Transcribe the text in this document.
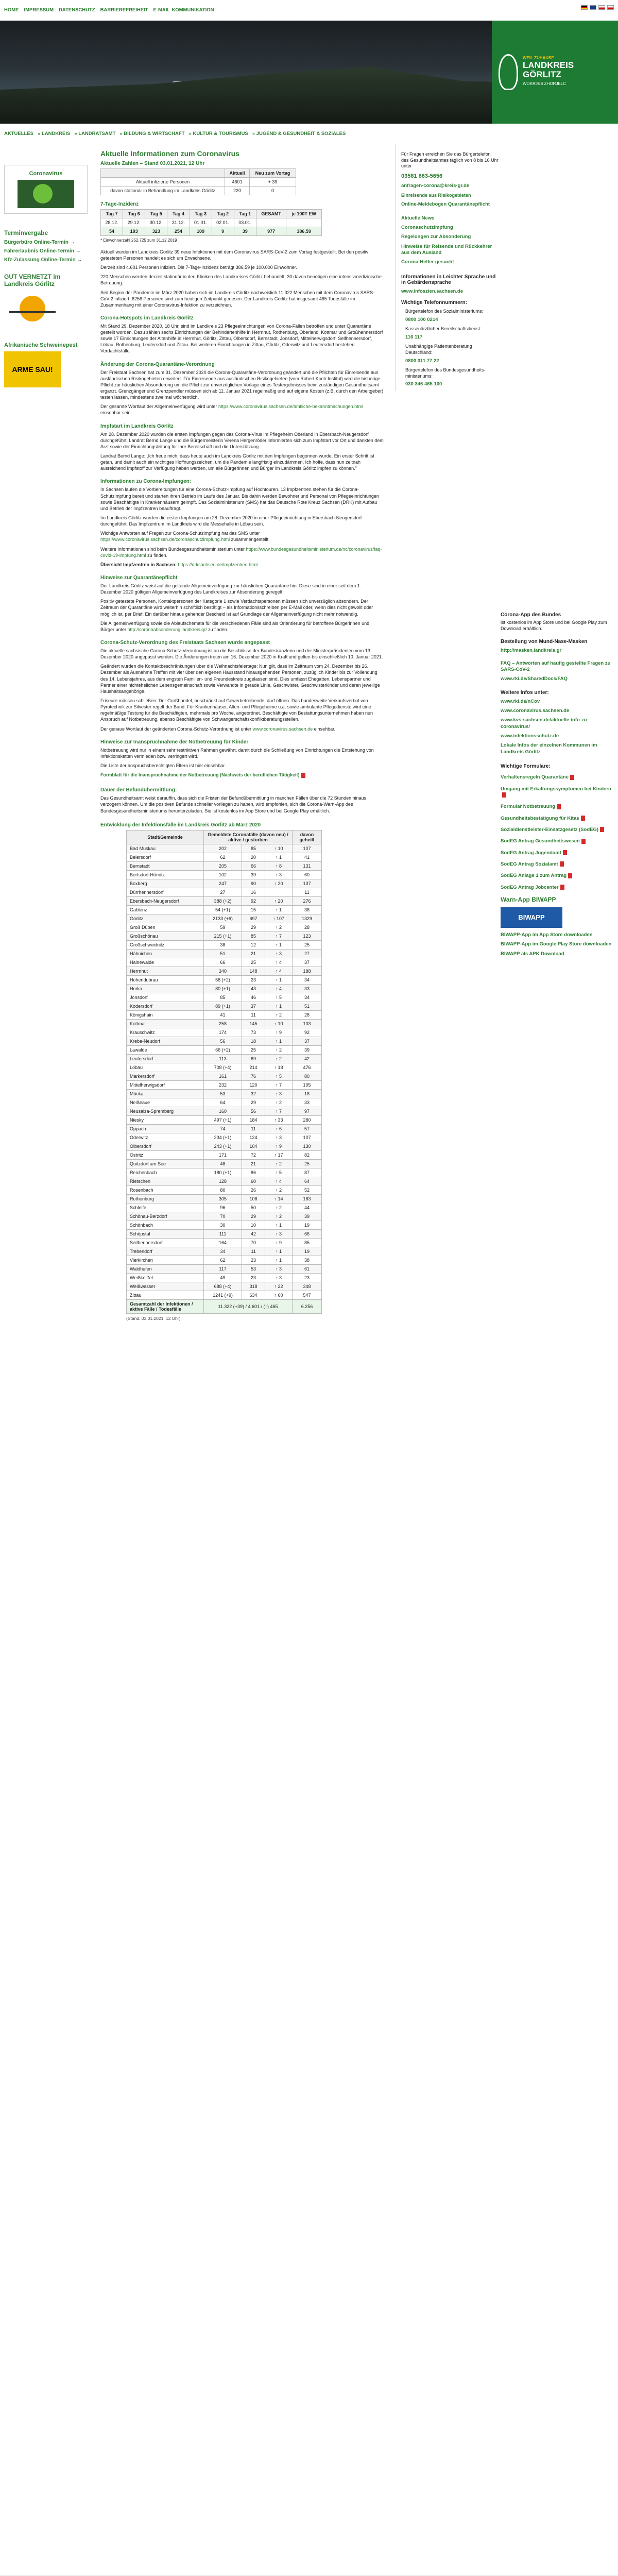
HOME IMPRESSUM DATENSCHUTZ BARRIEREFREIHEIT E-MAIL-KOMMUNIKATION
WEIL ZUHAUSE
LANDKREIS
GÖRLITZ
WOKRJES ZHORJELC
AKTUELLES » LANDKREIS » LANDRATSAMT » BILDUNG & WIRTSCHAFT » KULTUR & TOURISMUS » JUGEND & GESUNDHEIT & SOZIALES
Coronavirus
Terminvergabe
Bürgerbüro Online-Termin →
Fahrerlaubnis Online-Termin →
Kfz-Zulassung Online-Termin →
GUT VERNETZT im Landkreis Görlitz
Afrikanische Schweinepest
ARME SAU!
Aktuelle Informationen zum Coronavirus
Aktuelle Zahlen – Stand 03.01.2021, 12 Uhr
	Aktuell	Neu zum Vortag
Aktuell infizierte Personen	4601	+ 39
davon stationär in Behandlung im Landkreis Görlitz	220	0
7-Tage-Inzidenz
Tag 7	Tag 6	Tag 5	Tag 4	Tag 3	Tag 2	Tag 1	GESAMT	je 100T EW
28.12.	29.12.	30.12.	31.12.	01.01.	02.01.	03.01.		
54	193	323	254	109	9	39	977	386,59

* Einwohnerzahl 252.725 zum 31.12.2019

Aktuell wurden im Landkreis Görlitz 39 neue Infektionen mit dem Coronavirus SARS-CoV-2 zum Vortag festgestellt. Bei den positiv getesteten Personen handelt es sich um Erwachsene.

Derzeit sind 4.601 Personen infiziert. Die 7-Tage-Inzidenz beträgt 386,59 je 100.000 Einwohner.

220 Menschen werden derzeit stationär in den Kliniken des Landkreises Görlitz behandelt, 30 davon benötigen eine intensivmedizinische Betreuung.

Seit Beginn der Pandemie im März 2020 haben sich im Landkreis Görlitz nachweislich 11.322 Menschen mit dem Coronavirus SARS-CoV-2 infiziert. 6256 Personen sind zum heutigen Zeitpunkt genesen. Der Landkreis Görlitz hat insgesamt 465 Todesfälle im Zusammenhang mit einer Coronavirus-Infektion zu verzeichnen.

Corona-Hotspots im Landkreis Görlitz

Mit Stand 29. Dezember 2020, 18 Uhr, sind im Landkreis 23 Pflegeeinrichtungen von Corona-Fällen betroffen und unter Quarantäne gestellt worden. Dazu zählen sechs Einrichtungen der Behindertenhilfe in Herrnhut, Rothenburg, Oberland, Kottmar und Großhennersdorf sowie 17 Einrichtungen der Altenhilfe in Herrnhut, Görlitz, Zittau, Olbersdorf, Bernstadt, Jonsdorf, Mittelherwigsdorf, Seifhennersdorf, Löbau, Rothenburg, Leutersdorf und Zittau. Bei weiteren Einrichtungen in Zittau, Görlitz, Oderwitz und Leutersdorf bestehen Verdachtsfälle.

Änderung der Corona-Quarantäne-Verordnung

Der Freistaat Sachsen hat zum 31. Dezember 2020 die Corona-Quarantäne-Verordnung geändert und die Pflichten für Einreisende aus ausländischen Risikogebieten erweitert. Für Einreisende aus ausländischen Risikogebieten (vom Robert Koch-Institut) wird die bisherige Pflicht zur häuslichen Absonderung um die Pflicht zur unverzüglichen Vorlage eines Testergebnisses beim zuständigen Gesundheitsamt ergänzt. Grenzgänger und Grenzpendler müssen sich ab 11. Januar 2021 regelmäßig und auf eigene Kosten (z.B. durch den Arbeitgeber) testen lassen, mindestens zweimal wöchentlich.

Der gesamte Wortlaut der Allgemeinverfügung wird unter https://www.coronavirus.sachsen.de/amtliche-bekanntmachungen.html einsehbar sein.

Impfstart im Landkreis Görlitz

Am 28. Dezember 2020 wurden die ersten Impfungen gegen das Corona-Virus im Pflegeheim Oberland in Ebersbach-Neugersdorf durchgeführt. Landrat Bernd Lange und die Bürgermeisterin Verena Hergenröder informierten sich zum Impfstart vor Ort und dankten dem Arzt sowie der Einrichtungsleitung für Ihre Bereitschaft und die Unterstützung.

Landrat Bernd Lange: „Ich freue mich, dass heute auch im Landkreis Görlitz mit den Impfungen begonnen wurde. Ein erster Schritt ist getan, und damit auch ein wichtiges Hoffnungszeichen, um die Pandemie langfristig einzudämmen. Ich hoffe, dass nun zeitnah ausreichend Impfstoff zur Verfügung haben werden, um alle Bürgerinnen und Bürger im Landkreis Görlitz impfen zu können."

Informationen zu Corona-Impfungen:

In Sachsen laufen die Vorbereitungen für eine Corona-Schutz-Impfung auf Hochtouren. 13 Impfzentren stehen für die Corona-Schutzimpfung bereit und starten ihren Betrieb im Laufe des Januar. Bis dahin werden Bewohner und Personal von Pflegeeinrichtungen sowie Beschäftigte in Krankenhäusern geimpft. Das Sozialministerium (SMS) hat das Deutsche Rote Kreuz Sachsen (DRK) mit Aufbau und Betrieb der Impfzentren beauftragt.

Im Landkreis Görlitz wurden die ersten Impfungen am 28. Dezember 2020 in einer Pflegeeinrichtung in Ebersbach-Neugersdorf durchgeführt. Das Impfzentrum im Landkreis wird die Messehalle in Löbau sein.

Wichtige Antworten auf Fragen zur Corona-Schutzimpfung hat das SMS unter https://www.coronavirus.sachsen.de/coronaschutzimpfung.html zusammengestellt.

Weitere Informationen sind beim Bundesgesundheitsministerium unter https://www.bundesgesundheitsministerium.de/nc/coronavirus/faq-covid-19-impfung.html zu finden.

Übersicht Impfzentren in Sachsen: https://drksachsen.de/impfzentren.html

Hinweise zur Quarantänepflicht

Der Landkreis Görlitz weist auf die geltende Allgemeinverfügung zur häuslichen Quarantäne hin. Diese sind in einer seit dem 1. Dezember 2020 gültigen Allgemeinverfügung des Landkreises zur Absonderung geregelt.

Positiv getestete Personen, Kontaktpersonen der Kategorie 1 sowie Verdachtspersonen müssen sich unverzüglich absondern. Der Zeitraum der Quarantäne wird weiterhin schriftlich bestätigt – als Informationsschreiben per E-Mail oder, wenn dies nicht gewollt oder möglich ist, per Brief. Ein darüber hinaus gehender Bescheid ist auf Grundlage der Allgemeinverfügung nicht mehr notwendig.

Die Allgemeinverfügung sowie die Ablaufschemata für die verschiedenen Fälle sind als Orientierung für betroffene Bürgerinnen und Bürger unter http://coronaabsonderung.landkreis.gr/ zu finden.

Corona-Schutz-Verordnung des Freistaats Sachsen wurde angepasst

Die aktuelle sächsische Corona-Schutz-Verordnung ist an die Beschlüsse der Bundeskanzlerin und der Ministerpräsidenten vom 13. Dezember 2020 angepasst worden. Die Änderungen treten am 16. Dezember 2020 in Kraft und gelten bis einschließlich 10. Januar 2021.

Geändert wurden die Kontaktbeschränkungen über die Weihnachtsfeiertage: Nun gilt, dass im Zeitraum vom 24. Dezember bis 26. Dezember als Ausnahme Treffen mit vier über den eigenen Hausstand hinausgehenden Personen, zuzüglich Kinder bis zur Vollendung des 14. Lebensjahres, aus dem engsten Familien- und Freundeskreis zugelassen sind. Dies umfasst Ehegatten, Lebenspartner und Partner einer nichtehelichen Lebensgemeinschaft sowie Verwandte in gerade Linie, Geschwister, Geschwisterkinder und deren jeweilige Haushaltsangehörige.

Friseure müssen schließen. Der Großhandel, beschränkt auf Gewerbetreibende, darf öffnen. Das bundesweite Verkaufsverbot von Pyrotechnik zur Silvester regelt der Bund. Für Krankenhäuser, Alten- und Pflegeheime u.ä. sowie ambulante Pflegedienste wird eine regelmäßige Testung für die Beschäftigten, mehrmals pro Woche, angeordnet. Beschäftigte von Bestattungsunternehmen haben nun Anspruch auf Notbetreuung, ebenso Beschäftigte von Schwangerschaftskonfliktberatungsstellen.

Der genaue Wortlaut der geänderten Corona-Schutz-Verordnung ist unter www.coronavirus.sachsen.de einsehbar.

Hinweise zur Inanspruchnahme der Notbetreuung für Kinder

Notbetreuung wird nur in einem sehr restriktiven Rahmen gewährt, damit durch die Schließung von Einrichtungen die Entstehung von Infektionsketten vermieden bzw. verringert wird.

Die Liste der anspruchsberechtigten Eltern ist hier einsehbar.

Formblatt für die Inanspruchnahme der Notbetreuung (Nachweis der beruflichen Tätigkeit)

Dauer der Befundübermittlung:

Das Gesundheitsamt weist darauffin, dass sich die Fristen der Befundübermittlung in manchen Fällen über die 72 Stunden hinaus verzögern können. Um die positiven Befunde schneller vorliegen zu haben, wird empfohlen, sich die Corona-Warn-App des Bundesgesundheitsministeriums herunterzuladen. Sie ist kostenlos im App Store und bei Google Play erhältlich.

Entwicklung der Infektionsfälle im Landkreis Görlitz ab März 2020
Stadt/Gemeinde	Gemeldete Coronafälle (davon neu) / aktive / gestorben			davon geheilt
Bad Muskau	202	85	↑ 10	107
Beiersdorf	62	20	↑ 1	41
Bernstadt	205	66	↑ 8	131
Bertsdorf-Hörnitz	102	39	↑ 3	60
Boxberg	247	90	↑ 20	137
Dürrhennersdorf	27	16		11
Ebersbach-Neugersdorf	388 (+2)	92	↑ 20	276
Gablenz	54 (+1)	15	↑ 1	38
Görlitz	2133 (+6)	697	↑ 107	1329
Groß Düben	59	29	↑ 2	28
Großschönau	215 (+1)	85	↑ 7	123
Großschweidnitz	38	12	↑ 1	25
Hähnichen	51	21	↑ 3	27
Hainewalde	66	25	↑ 4	37
Herrnhut	340	148	↑ 4	188
Hohendubrau	58 (+2)	23	↑ 1	34
Horka	80 (+1)	43	↑ 4	33
Jonsdorf	85	46	↑ 5	34
Kodersdorf	89 (+1)	37	↑ 1	51
Königshain	41	11	↑ 2	28
Kottmar	258	145	↑ 10	103
Krauschwitz	174	73	↑ 9	92
Kreba-Neudorf	56	18	↑ 1	37
Lawalde	66 (+2)	25	↑ 2	39
Leutersdorf	113	69	↑ 2	42
Löbau	708 (+4)	214	↑ 18	476
Markersdorf	161	76	↑ 5	80
Mittelherwigsdorf	232	120	↑ 7	105
Mücka	53	32	↑ 3	18
Neißeaue	64	29	↑ 2	33
Neusalza-Spremberg	160	56	↑ 7	97
Niesky	497 (+1)	184	↑ 33	280
Oppach	74	11	↑ 6	57
Oderwitz	234 (+1)	124	↑ 3	107
Olbersdorf	243 (+1)	104	↑ 9	130
Ostritz	171	72	↑ 17	82
Quitzdorf am See	48	21	↑ 2	25
Reichenbach	180 (+1)	86	↑ 5	87
Rietschen	128	60	↑ 4	64
Rosenbach	80	26	↑ 2	52
Rothenburg	305	108	↑ 14	183
Schleife	96	50	↑ 2	44
Schönau-Berzdorf	70	29	↑ 2	39
Schönbach	30	10	↑ 1	19
Schöpstal	111	42	↑ 3	66
Seifhennersdorf	164	70	↑ 9	85
Trebendorf	34	11	↑ 1	19
Vierkirchen	62	23	↑ 1	38
Waldhufen	117	53	↑ 3	61
Weißkeißel	49	23	↑ 3	23
Weißwasser	688 (+4)	318	↑ 22	348
Zittau	1241 (+9)	634	↑ 60	547
Gesamtzahl der Infektionen / aktive Fälle / Todesfälle	11.322 (+39) / 4.601 / (↑) 465			6.256
(Stand: 03.01.2021, 12 Uhr)
Für Fragen erreichen Sie das Bürgertelefon des Gesundheitsamtes täglich von 8 bis 16 Uhr unter
03581 663-5656
anfragen-corona@kreis-gr.de
Einreisende aus Risikogebieten
Online-Meldebogen Quarantänepflicht
Aktuelle News
Coronaschutzimpfung
Regelungen zur Absonderung
Hinweise für Reisende und Rückkehrer aus dem Ausland
Corona-Helfer gesucht
Informationen in Leichter Sprache und in Gebärdensprache
www.infoszien.sachsen.de
Wichtige Telefonnummern:
Bürgertelefon des Sozialministeriums:
0800 100 0214
Kassenärztlicher Bereitschaftsdienst:
116 117
Unabhängige Patientenberatung Deutschland:
0800 011 77 22
Bürgertelefon des Bundesgesundheits-ministeriums:
030 346 465 100
Corona-App des Bundes
ist kostenlos im App Store und bei Google Play zum Download erhältlich.
Bestellung von Mund-Nase-Masken
http://masken.landkreis.gr
FAQ – Antworten auf häufig gestellte Fragen zu SARS-CoV-2
www.rki.de/SharedDocs/FAQ
Weitere Infos unter:
www.rki.de/nCov
www.coronavirus.sachsen.de
www.kvs-sachsen.de/aktuelle-info-zu-coronavirus/
www.infektionsschutz.de
Lokale Infos der einzelnen Kommunen im Landkreis Görlitz
Wichtige Formulare:
Verhaltensregeln Quarantäne
Umgang mit Erkältungssymptomen bei Kindern
Formular Notbetreuung
Gesundheitsbestätigung für Kitas
Sozialdienstleister-Einsatzgesetz (SodEG)
SodEG Antrag Gesundheitswesen
SodEG Antrag Jugendamt
SodEG Antrag Sozialamt
SodEG Anlage 1 zum Antrag
SodEG Antrag Jobcenter
Warn-App BIWAPP
BIWAPP
BIWAPP-App im App Store downloaden
BIWAPP-App im Google Play Store downloaden
BIWAPP als APK Download
